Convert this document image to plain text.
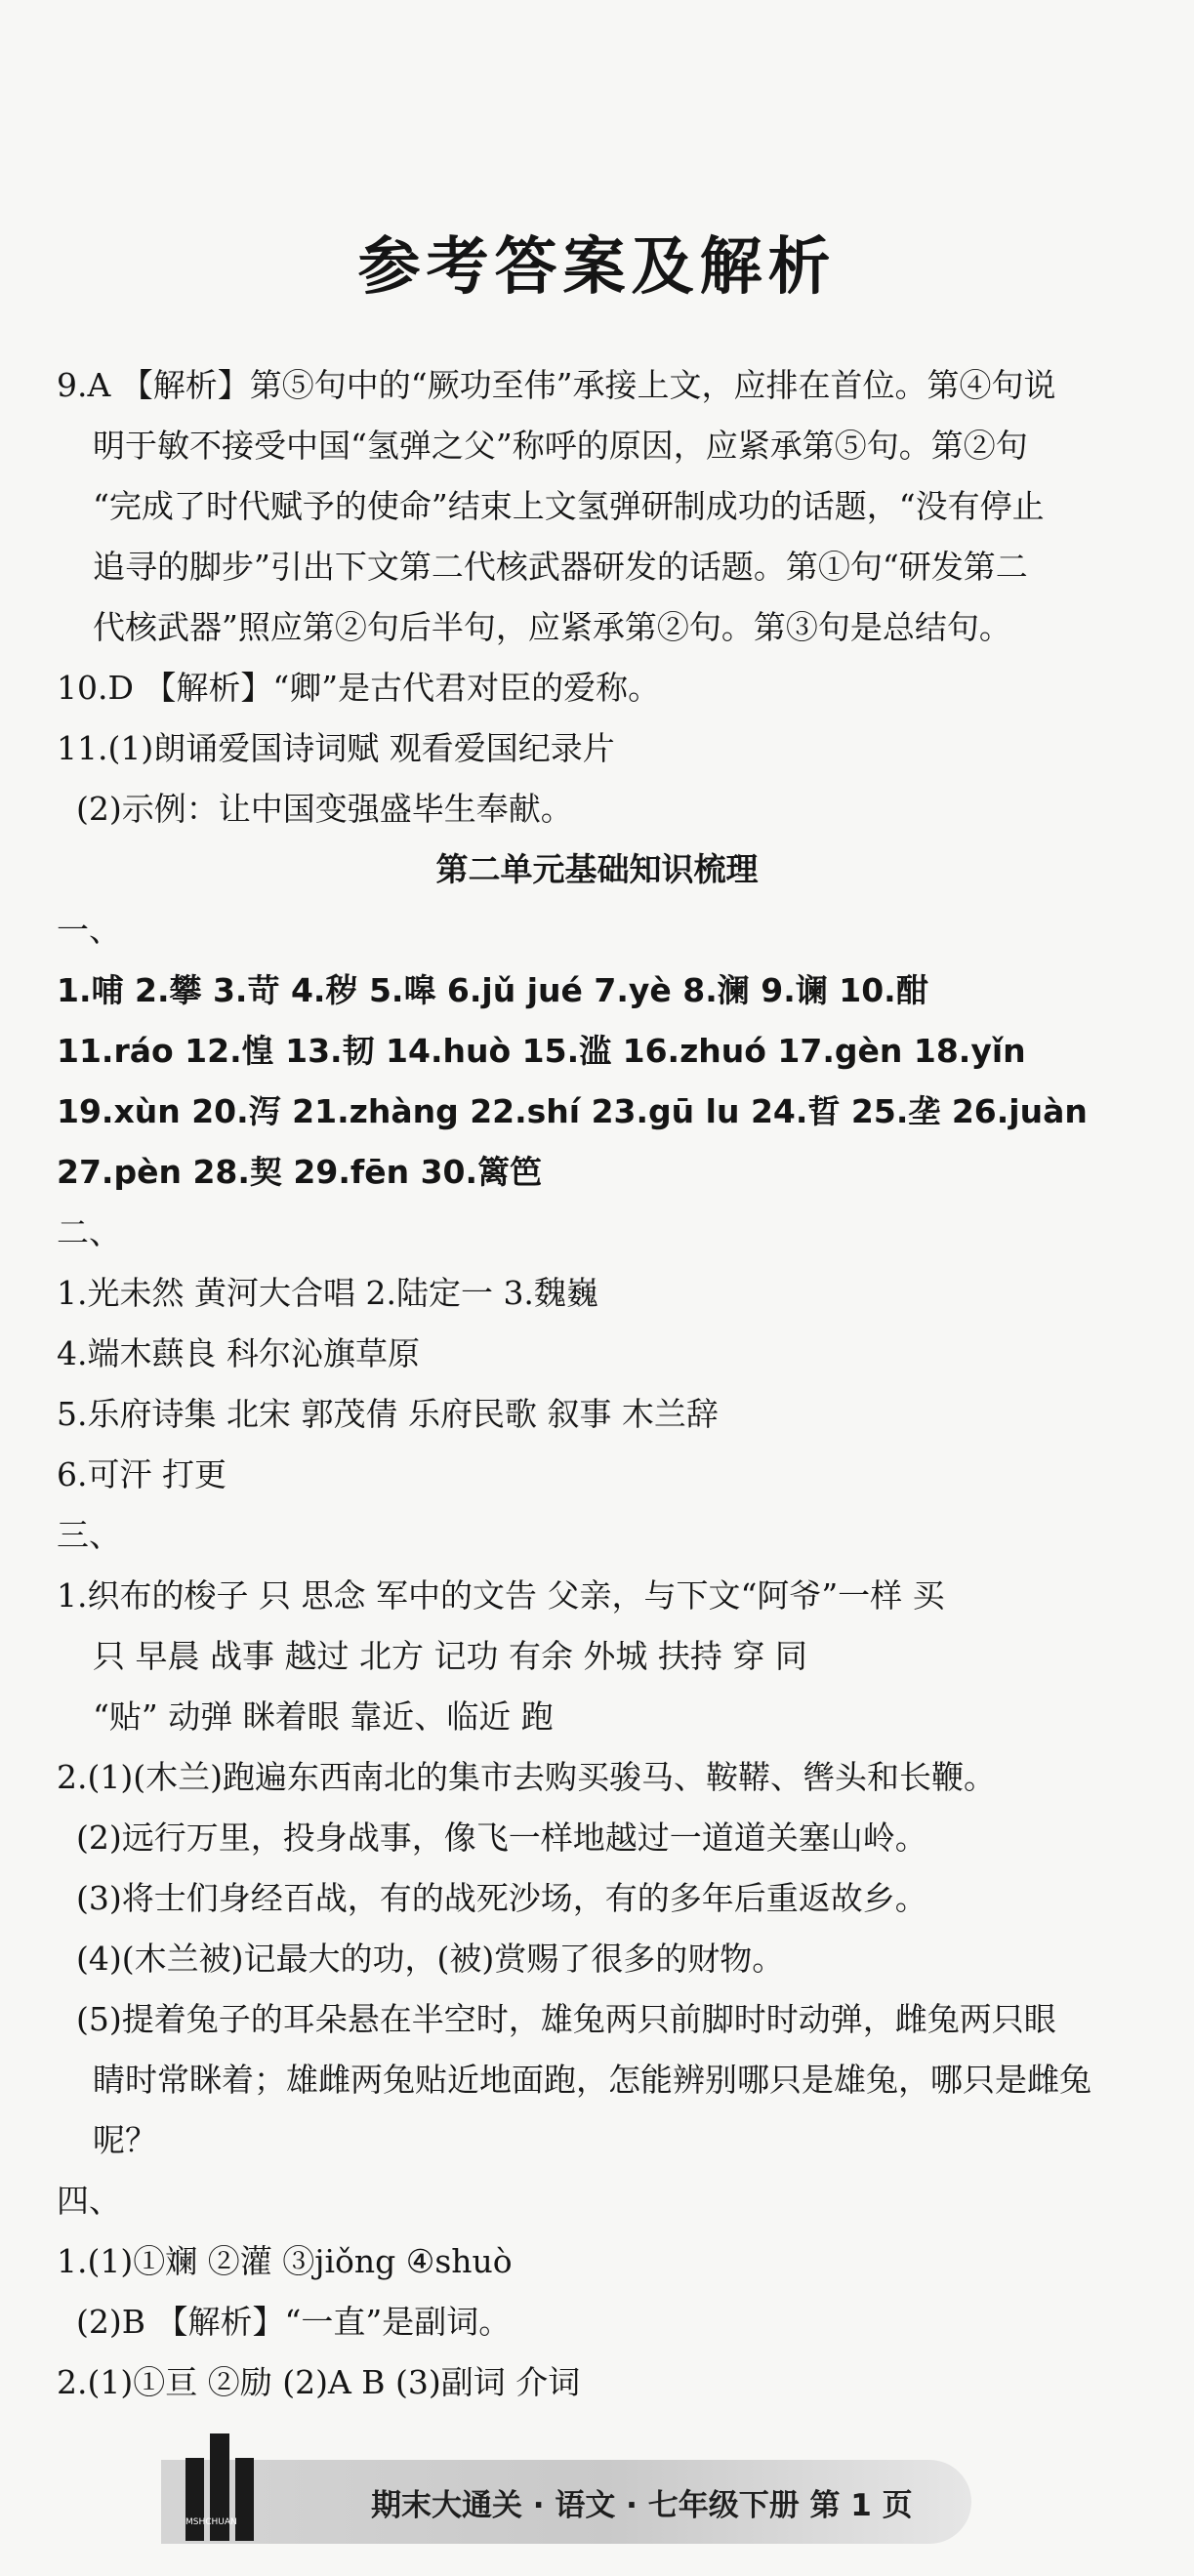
参考答案及解析
9.A 【解析】第⑤句中的“厥功至伟”承接上文，应排在首位。第④句说
明于敏不接受中国“氢弹之父”称呼的原因，应紧承第⑤句。第②句
“完成了时代赋予的使命”结束上文氢弹研制成功的话题，“没有停止
追寻的脚步”引出下文第二代核武器研发的话题。第①句“研发第二
代核武器”照应第②句后半句，应紧承第②句。第③句是总结句。
10.D 【解析】“卿”是古代君对臣的爱称。
11.(1)朗诵爱国诗词赋 观看爱国纪录片
(2)示例：让中国变强盛毕生奉献。
第二单元基础知识梳理
一、
1.哺 2.攀 3.苛 4.秽 5.嗥 6.jǔ jué 7.yè 8.澜 9.谰 10.酣
11.ráo 12.惶 13.韧 14.huò 15.滥 16.zhuó 17.gèn 18.yǐn
19.xùn 20.泻 21.zhàng 22.shí 23.gū lu 24.晢 25.垄 26.juàn
27.pèn 28.契 29.fēn 30.篱笆
二、
1.光未然 黄河大合唱 2.陆定一 3.魏巍
4.端木蕻良 科尔沁旗草原
5.乐府诗集 北宋 郭茂倩 乐府民歌 叙事 木兰辞
6.可汗 打更
三、
1.织布的梭子 只 思念 军中的文告 父亲，与下文“阿爷”一样 买
只 早晨 战事 越过 北方 记功 有余 外城 扶持 穿 同
“贴” 动弹 眯着眼 靠近、临近 跑
2.(1)(木兰)跑遍东西南北的集市去购买骏马、鞍鞯、辔头和长鞭。
(2)远行万里，投身战事，像飞一样地越过一道道关塞山岭。
(3)将士们身经百战，有的战死沙场，有的多年后重返故乡。
(4)(木兰被)记最大的功，(被)赏赐了很多的财物。
(5)提着兔子的耳朵悬在半空时，雄兔两只前脚时时动弹，雌兔两只眼
睛时常眯着；雄雌两兔贴近地面跑，怎能辨别哪只是雄兔，哪只是雌兔
呢？
四、
1.(1)①斓 ②灌 ③jiǒng ④shuò
(2)B 【解析】“一直”是副词。
2.(1)①亘 ②励 (2)A B (3)副词 介词
期末大通关 · 语文 · 七年级下册 第 1 页
MSHCHUAN
